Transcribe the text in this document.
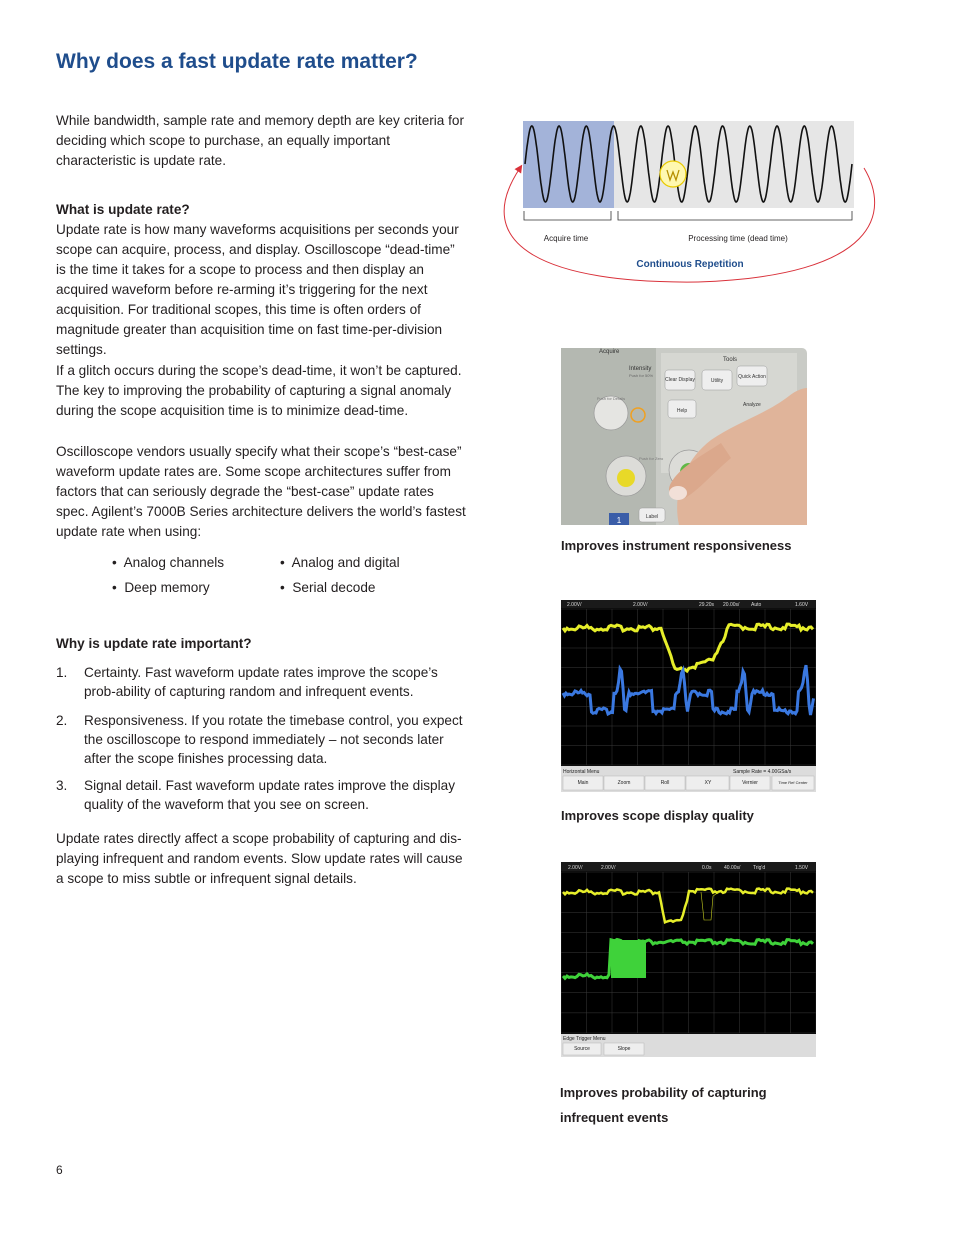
Why does a fast update rate matter?
While bandwidth, sample rate and memory depth are key criteria for deciding which scope to purchase, an equally important characteristic is update rate.

What is update rate?

Update rate is how many waveforms acquisitions per seconds your scope can acquire, process, and display. Oscilloscope “dead-time” is the time it takes for a scope to process and then display an acquired waveform before re-arming it’s triggering for the next acquisition. For traditional scopes, this time is often orders of magnitude greater than acquisition time on fast time-per-division settings.

If a glitch occurs during the scope’s dead-time, it won’t be captured. The key to improving the probability of capturing a signal anomaly during the scope acquisition time is to minimize dead-time.
Oscilloscope vendors usually specify what their scope’s “best-case” waveform update rates are. Some scope architectures suffer from factors that can seriously degrade the “best-case” update rates spec. Agilent’s 7000B Series architecture delivers the world’s fastest update rate when using:
•  Analog channels
•  Deep memory
•  Analog and digital
•  Serial decode
Why is update rate important?
1. Certainty. Fast waveform update rates improve the scope’s prob-ability of capturing random and infrequent events.
2. Responsiveness. If you rotate the timebase control, you expect the oscilloscope to respond immediately – not seconds later after the scope finishes processing data.
3. Signal detail. Fast waveform update rates improve the display quality of the waveform that you see on screen.
Update rates directly affect a scope probability of capturing and dis-playing infrequent and random events. Slow update rates will cause a scope to miss subtle or infrequent signal details.
6
Acquire time	Processing time (dead time)
Continuous Repetition
Acquire
Intensity
Push for 50%
Tools
Clear Display	Utility
Quick Action
Push for Details
Help
Analyze
Push for Zero
Label
1
Improves instrument responsiveness
2.00V/	2.00V/	29.20s 20.00s/ Auto	1.60V
Horizontal Menu	Sample Rate = 4.00GSa/s
Main	Zoom	Roll	XY	Vernier	Time Ref Center
Improves scope display quality
2.00V/	2.00V/	0.0s	40.00s/	Trig'd	1.50V
Edge Trigger Menu
Source	Slope
Improves probability of capturing
infrequent events
